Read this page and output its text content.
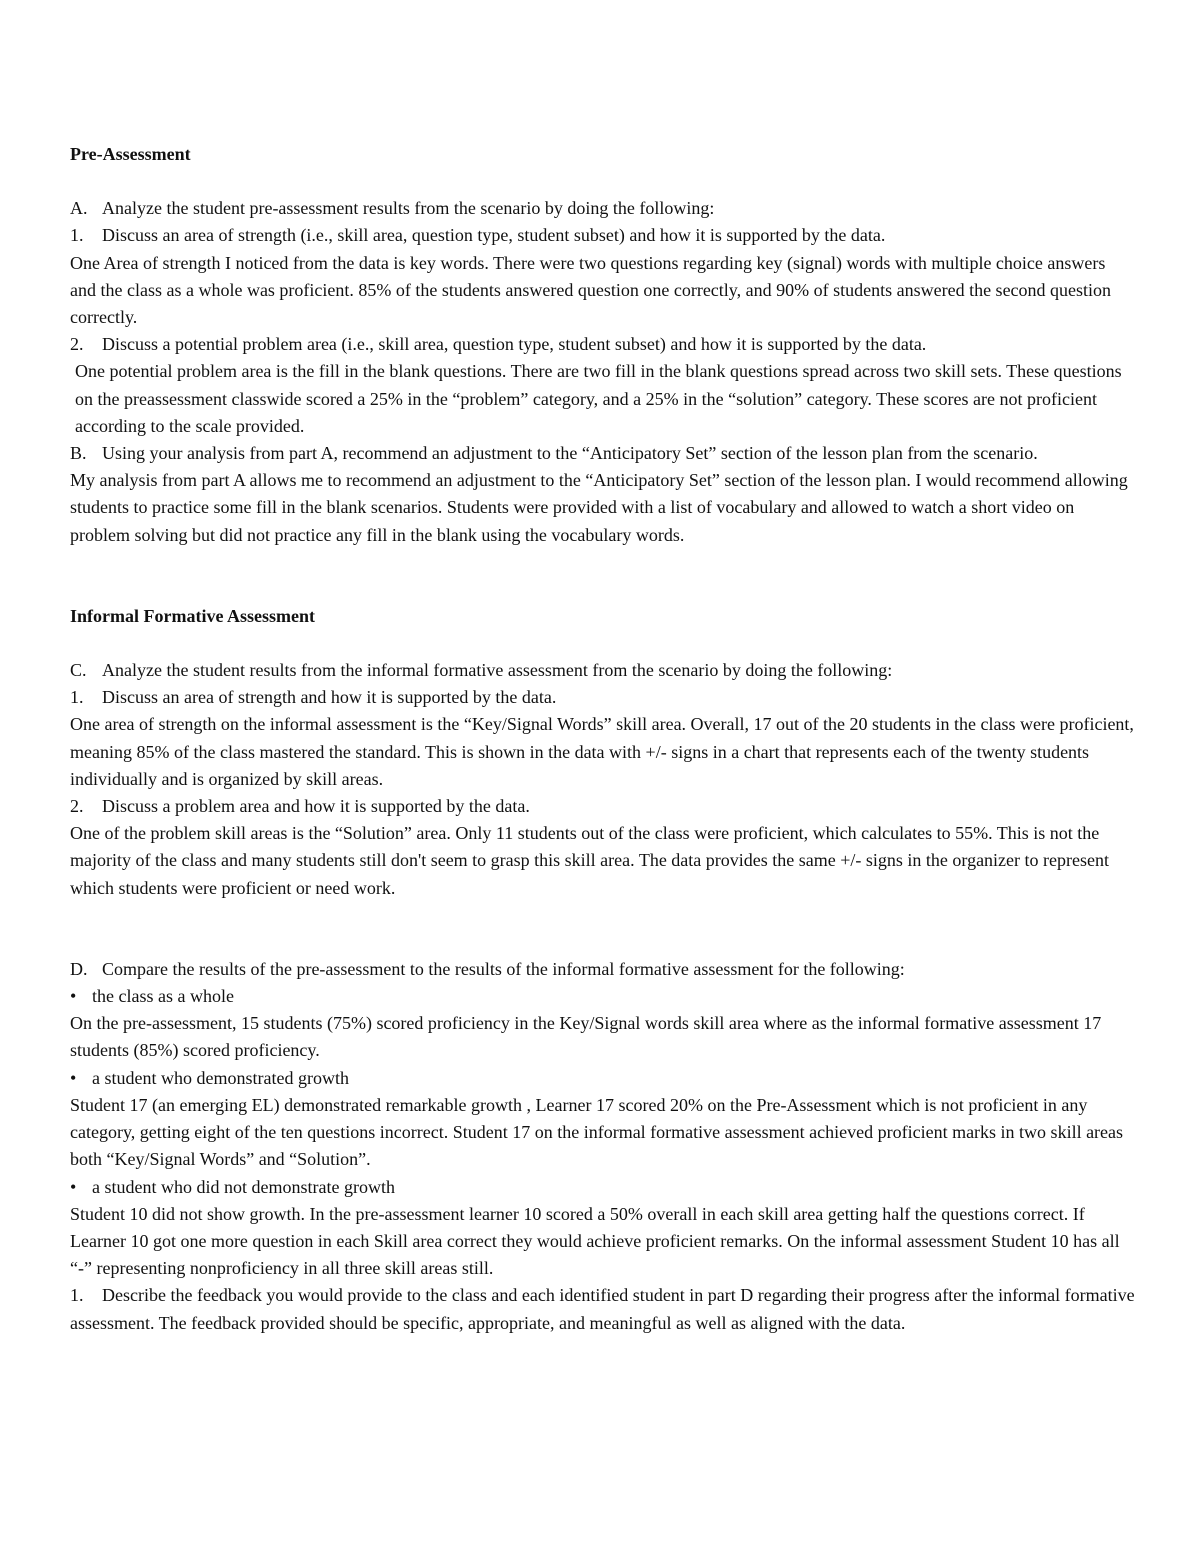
Pre-Assessment

A. Analyze the student pre-assessment results from the scenario by doing the following:

1. Discuss an area of strength (i.e., skill area, question type, student subset) and how it is supported by the data.

One Area of strength I noticed from the data is key words. There were two questions regarding key (signal) words with multiple choice answers and the class as a whole was proficient. 85% of the students answered question one correctly, and 90% of students answered the second question correctly.

2. Discuss a potential problem area (i.e., skill area, question type, student subset) and how it is supported by the data.

One potential problem area is the fill in the blank questions. There are two fill in the blank questions spread across two skill sets. These questions on the preassessment classwide scored a 25% in the “problem” category, and a 25% in the “solution” category. These scores are not proficient according to the scale provided.

B. Using your analysis from part A, recommend an adjustment to the “Anticipatory Set” section of the lesson plan from the scenario.

My analysis from part A allows me to recommend an adjustment to the “Anticipatory Set” section of the lesson plan. I would recommend allowing students to practice some fill in the blank scenarios. Students were provided with a list of vocabulary and allowed to watch a short video on problem solving but did not practice any fill in the blank using the vocabulary words.

Informal Formative Assessment

C. Analyze the student results from the informal formative assessment from the scenario by doing the following:

1. Discuss an area of strength and how it is supported by the data.

One area of strength on the informal assessment is the “Key/Signal Words” skill area. Overall, 17 out of the 20 students in the class were proficient, meaning 85% of the class mastered the standard. This is shown in the data with +/- signs in a chart that represents each of the twenty students individually and is organized by skill areas.

2. Discuss a problem area and how it is supported by the data.

One of the problem skill areas is the “Solution” area. Only 11 students out of the class were proficient, which calculates to 55%. This is not the majority of the class and many students still don't seem to grasp this skill area. The data provides the same +/- signs in the organizer to represent which students were proficient or need work.

D. Compare the results of the pre-assessment to the results of the informal formative assessment for the following:

• the class as a whole

On the pre-assessment, 15 students (75%) scored proficiency in the Key/Signal words skill area where as the informal formative assessment 17 students (85%) scored proficiency.

• a student who demonstrated growth

Student 17 (an emerging EL) demonstrated remarkable growth , Learner 17 scored 20% on the Pre-Assessment which is not proficient in any category, getting eight of the ten questions incorrect. Student 17 on the informal formative assessment achieved proficient marks in two skill areas both “Key/Signal Words” and “Solution”.

• a student who did not demonstrate growth

Student 10 did not show growth. In the pre-assessment learner 10 scored a 50% overall in each skill area getting half the questions correct. If Learner 10 got one more question in each Skill area correct they would achieve proficient remarks. On the informal assessment Student 10 has all “-” representing nonproficiency in all three skill areas still.

1. Describe the feedback you would provide to the class and each identified student in part D regarding their progress after the informal formative assessment. The feedback provided should be specific, appropriate, and meaningful as well as aligned with the data.
